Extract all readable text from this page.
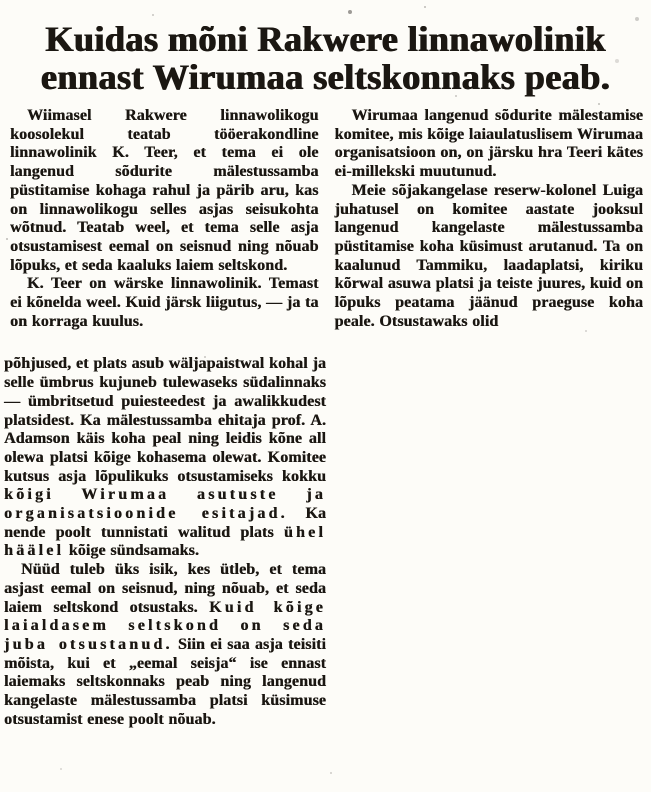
Kuidas mõni Rakwere linnawolinik
ennast Wirumaa seltskonnaks peab.

Wiimasel Rakwere linnawolikogu koosolekul teatab tööerakondline linnawolinik K. Teer, et tema ei ole langenud sõdurite mälestussamba püstitamise kohaga rahul ja pärib aru, kas on linnawolikogu selles asjas seisukohta wõtnud. Teatab weel, et tema selle asja otsustamisest eemal on seisnud ning nõuab lõpuks, et seda kaaluks laiem seltskond.

K. Teer on wärske linnawolinik. Temast ei kõnelda weel. Kuid järsk liigutus, — ja ta on korraga kuulus.

Wirumaa langenud sõdurite mälestamise komitee, mis kõige laiaulatuslisem Wirumaa organisatsioon on, on järsku hra Teeri kätes ei-millekski muutunud.

Meie sõjakangelase reserw-kolonel Luiga juhatusel on komitee aastate jooksul langenud kangelaste mälestussamba püstitamise koha küsimust arutanud. Ta on kaalunud Tammiku, laadaplatsi, kiriku kõrwal asuwa platsi ja teiste juures, kuid on lõpuks peatama jäänud praeguse koha peale. Otsustawaks olid

põhjused, et plats asub wäljapaistwal kohal ja selle ümbrus kujuneb tulewaseks südalinnaks — ümbritsetud puiesteedest ja awalikkudest platsidest. Ka mälestussamba ehitaja prof. A. Adamson käis koha peal ning leidis kõne all olewa platsi kõige kohasema olewat. Komitee kutsus asja lõpulikuks otsustamiseks kokku kõigi Wirumaa asutuste ja organisatsioonide esitajad. Ka nende poolt tunnistati walitud plats ühel häälel kõige sündsamaks.

Nüüd tuleb üks isik, kes ütleb, et tema asjast eemal on seisnud, ning nõuab, et seda laiem seltskond otsustaks. Kuid kõige laialdasem seltskond on seda juba otsustanud. Siin ei saa asja teisiti mõista, kui et „eemal seisja“ ise ennast laiemaks seltskonnaks peab ning langenud kangelaste mälestussamba platsi küsimuse otsustamist enese poolt nõuab.
